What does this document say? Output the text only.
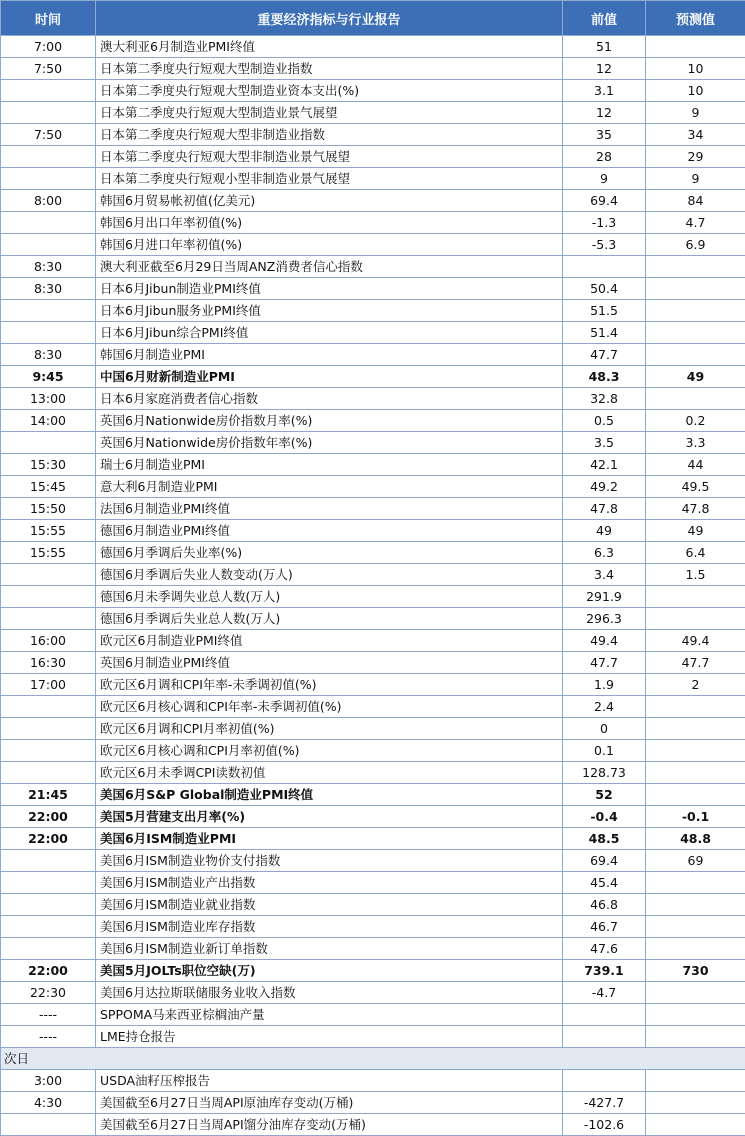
时间	重要经济指标与行业报告	前值	预测值
7:00	澳大利亚6月制造业PMI终值	51	
7:50	日本第二季度央行短观大型制造业指数	12	10
	日本第二季度央行短观大型制造业资本支出(%)	3.1	10
	日本第二季度央行短观大型制造业景气展望	12	9
7:50	日本第二季度央行短观大型非制造业指数	35	34
	日本第二季度央行短观大型非制造业景气展望	28	29
	日本第二季度央行短观小型非制造业景气展望	9	9
8:00	韩国6月贸易帐初值(亿美元)	69.4	84
	韩国6月出口年率初值(%)	-1.3	4.7
	韩国6月进口年率初值(%)	-5.3	6.9
8:30	澳大利亚截至6月29日当周ANZ消费者信心指数		
8:30	日本6月Jibun制造业PMI终值	50.4	
	日本6月Jibun服务业PMI终值	51.5	
	日本6月Jibun综合PMI终值	51.4	
8:30	韩国6月制造业PMI	47.7	
9:45	中国6月财新制造业PMI	48.3	49
13:00	日本6月家庭消费者信心指数	32.8	
14:00	英国6月Nationwide房价指数月率(%)	0.5	0.2
	英国6月Nationwide房价指数年率(%)	3.5	3.3
15:30	瑞士6月制造业PMI	42.1	44
15:45	意大利6月制造业PMI	49.2	49.5
15:50	法国6月制造业PMI终值	47.8	47.8
15:55	德国6月制造业PMI终值	49	49
15:55	德国6月季调后失业率(%)	6.3	6.4
	德国6月季调后失业人数变动(万人)	3.4	1.5
	德国6月未季调失业总人数(万人)	291.9	
	德国6月季调后失业总人数(万人)	296.3	
16:00	欧元区6月制造业PMI终值	49.4	49.4
16:30	英国6月制造业PMI终值	47.7	47.7
17:00	欧元区6月调和CPI年率-未季调初值(%)	1.9	2
	欧元区6月核心调和CPI年率-未季调初值(%)	2.4	
	欧元区6月调和CPI月率初值(%)	0	
	欧元区6月核心调和CPI月率初值(%)	0.1	
	欧元区6月未季调CPI读数初值	128.73	
21:45	美国6月S&P Global制造业PMI终值	52	
22:00	美国5月营建支出月率(%)	-0.4	-0.1
22:00	美国6月ISM制造业PMI	48.5	48.8
	美国6月ISM制造业物价支付指数	69.4	69
	美国6月ISM制造业产出指数	45.4	
	美国6月ISM制造业就业指数	46.8	
	美国6月ISM制造业库存指数	46.7	
	美国6月ISM制造业新订单指数	47.6	
22:00	美国5月JOLTs职位空缺(万)	739.1	730
22:30	美国6月达拉斯联储服务业收入指数	-4.7	
----	SPPOMA马来西亚棕榈油产量		
----	LME持仓报告		
次日			
3:00	USDA油籽压榨报告		
4:30	美国截至6月27日当周API原油库存变动(万桶)	-427.7	
	美国截至6月27日当周API馏分油库存变动(万桶)	-102.6	
